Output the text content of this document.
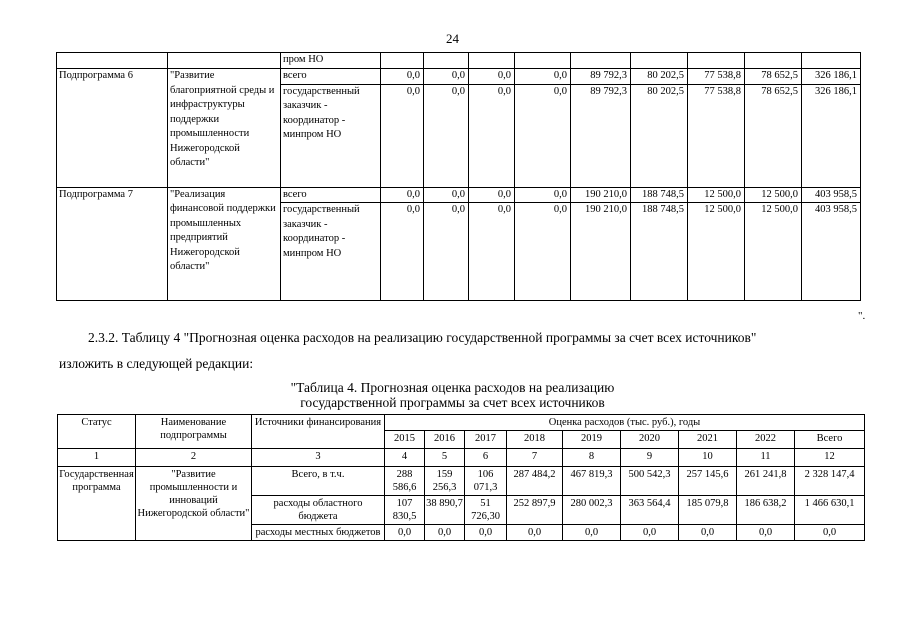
24
		пром НО									
Подпрограмма 6	"Развитие благоприятной среды и инфраструктуры поддержки промышленности Нижегородской области"	всего	0,0	0,0	0,0	0,0	89 792,3	80 202,5	77 538,8	78 652,5	326 186,1
		государственный заказчик - координатор - минпром НО	0,0	0,0	0,0	0,0	89 792,3	80 202,5	77 538,8	78 652,5	326 186,1
Подпрограмма 7	"Реализация финансовой поддержки промышленных предприятий Нижегородской области"	всего	0,0	0,0	0,0	0,0	190 210,0	188 748,5	12 500,0	12 500,0	403 958,5
		государственный заказчик - координатор - минпром НО	0,0	0,0	0,0	0,0	190 210,0	188 748,5	12 500,0	12 500,0	403 958,5
".
2.3.2. Таблицу 4 "Прогнозная оценка расходов на реализацию государственной программы за счет всех источников"
изложить в следующей редакции:
"Таблица 4. Прогнозная оценка расходов на реализацию
государственной программы за счет всех источников
Статус	Наименование подпрограммы	Источники финансирования	Оценка расходов (тыс. руб.), годы								
			2015	2016	2017	2018	2019	2020	2021	2022	Всего
1	2	3	4	5	6	7	8	9	10	11	12
Государственная программа	"Развитие промышленности и инноваций Нижегородской области"	Всего, в т.ч.	288 586,6	159 256,3	106 071,3	287 484,2	467 819,3	500 542,3	257 145,6	261 241,8	2 328 147,4
		расходы областного бюджета	107 830,5	38 890,7	51 726,30	252 897,9	280 002,3	363 564,4	185 079,8	186 638,2	1 466 630,1
		расходы местных бюджетов	0,0	0,0	0,0	0,0	0,0	0,0	0,0	0,0	0,0
